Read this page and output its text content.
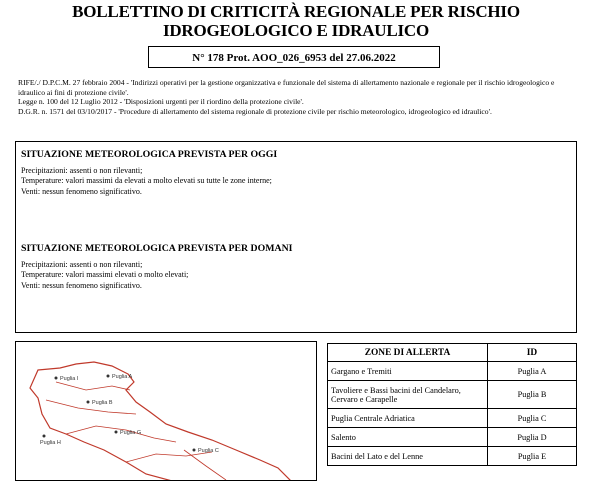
BOLLETTINO DI CRITICITÀ REGIONALE PER RISCHIO
IDROGEOLOGICO E IDRAULICO
N° 178 Prot. AOO_026_6953 del 27.06.2022

RIFE/./ D.P.C.M. 27 febbraio 2004 - 'Indirizzi operativi per la gestione organizzativa e funzionale del sistema di allertamento nazionale e regionale per il rischio idrogeologico e idraulico ai fini di protezione civile'.

Legge n. 100 del 12 Luglio 2012 - 'Disposizioni urgenti per il riordino della protezione civile'.

D.G.R. n. 1571 del 03/10/2017 - 'Procedure di allertamento del sistema regionale di protezione civile per rischio meteorologico, idrogeologico ed idraulico'.

SITUAZIONE METEOROLOGICA PREVISTA PER OGGI

Precipitazioni: assenti o non rilevanti;

Temperature: valori massimi da elevati a molto elevati su tutte le zone interne;

Venti: nessun fenomeno significativo.

SITUAZIONE METEOROLOGICA PREVISTA PER DOMANI

Precipitazioni: assenti o non rilevanti;

Temperature: valori massimi elevati o molto elevati;

Venti: nessun fenomeno significativo.

Puglia A
Puglia B
Puglia C
Puglia G
Puglia H
Puglia I
ZONE DI ALLERTA	ID
Gargano e Tremiti	Puglia A
Tavoliere e Bassi bacini del Candelaro, Cervaro e Carapelle	Puglia B
Puglia Centrale Adriatica	Puglia C
Salento	Puglia D
Bacini del Lato e del Lenne	Puglia E
